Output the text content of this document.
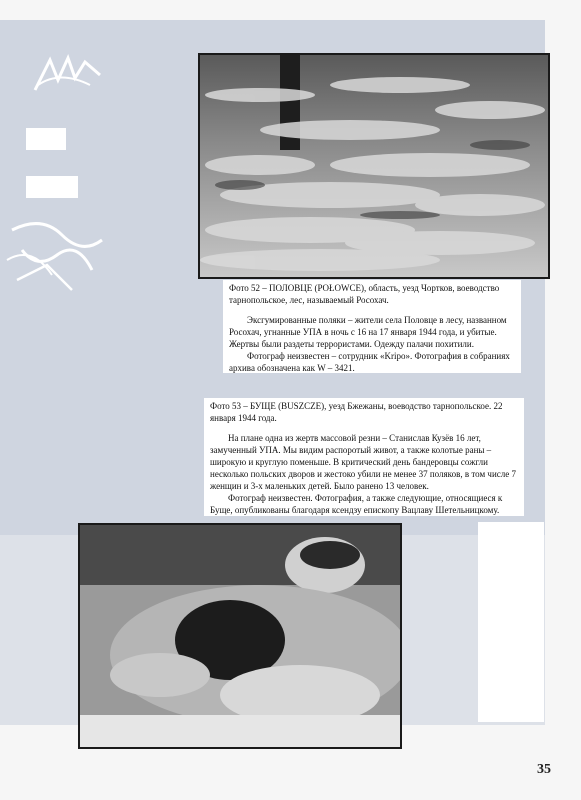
Фото 52 – ПОЛОВЦЕ (POŁOWCE), область, уезд Чортков, воеводство тарнопольское, лес, называемый Росохач.

Эксгумированные поляки – жители села Половце в лесу, названном Росохач, угнанные УПА в ночь с 16 на 17 января 1944 года, и убитые. Жертвы были раздеты террористами. Одежду палачи похитили.

Фотограф неизвестен – сотрудник «Kripo». Фотография в собраниях архива обозначена как W – 3421.

Фото 53 – БУЩЕ (BUSZCZE), уезд Бжежаны, воеводство тарнопольское. 22 января 1944 года.

На плане одна из жертв массовой резни – Станислав Кузёв 16 лет, замученный УПА. Мы видим распоротый живот, а также колотые раны – широкую и круглую поменьше. В критический день бандеровцы сожгли несколько польских дворов и жестоко убили не менее 37 поляков, в том числе 7 женщин и 3-х маленьких детей. Было ранено 13 человек.

Фотограф неизвестен. Фотография, а также следующие, относящиеся к Буще, опубликованы благодаря ксендзу епископу Вацлаву Шетельницкому.

35
